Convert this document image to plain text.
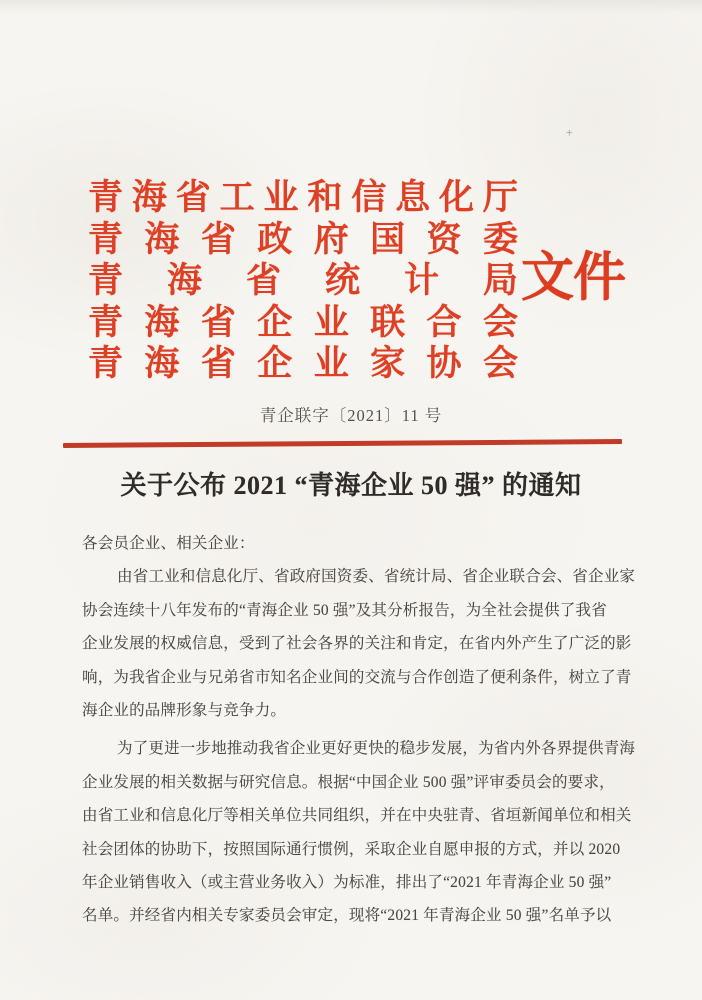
+
青 海 省 工 业 和 信 息 化 厅
青 海 省 政 府 国 资 委
青 海 省 统 计 局
青 海 省 企 业 联 合 会
青 海 省 企 业 家 协 会
文件
青企联字〔2021〕11 号
关于公布 2021 “青海企业 50 强” 的通知
各会员企业、相关企业：
由省工业和信息化厅、省政府国资委、省统计局、省企业联合会、省企业家
协会连续十八年发布的“青海企业 50 强”及其分析报告，为全社会提供了我省
企业发展的权威信息，受到了社会各界的关注和肯定，在省内外产生了广泛的影
响，为我省企业与兄弟省市知名企业间的交流与合作创造了便利条件，树立了青
海企业的品牌形象与竞争力。
为了更进一步地推动我省企业更好更快的稳步发展，为省内外各界提供青海
企业发展的相关数据与研究信息。根据“中国企业 500 强”评审委员会的要求，
由省工业和信息化厅等相关单位共同组织，并在中央驻青、省垣新闻单位和相关
社会团体的协助下，按照国际通行惯例，采取企业自愿申报的方式，并以 2020
年企业销售收入（或主营业务收入）为标准，排出了“2021 年青海企业 50 强”
名单。并经省内相关专家委员会审定，现将“2021 年青海企业 50 强”名单予以
